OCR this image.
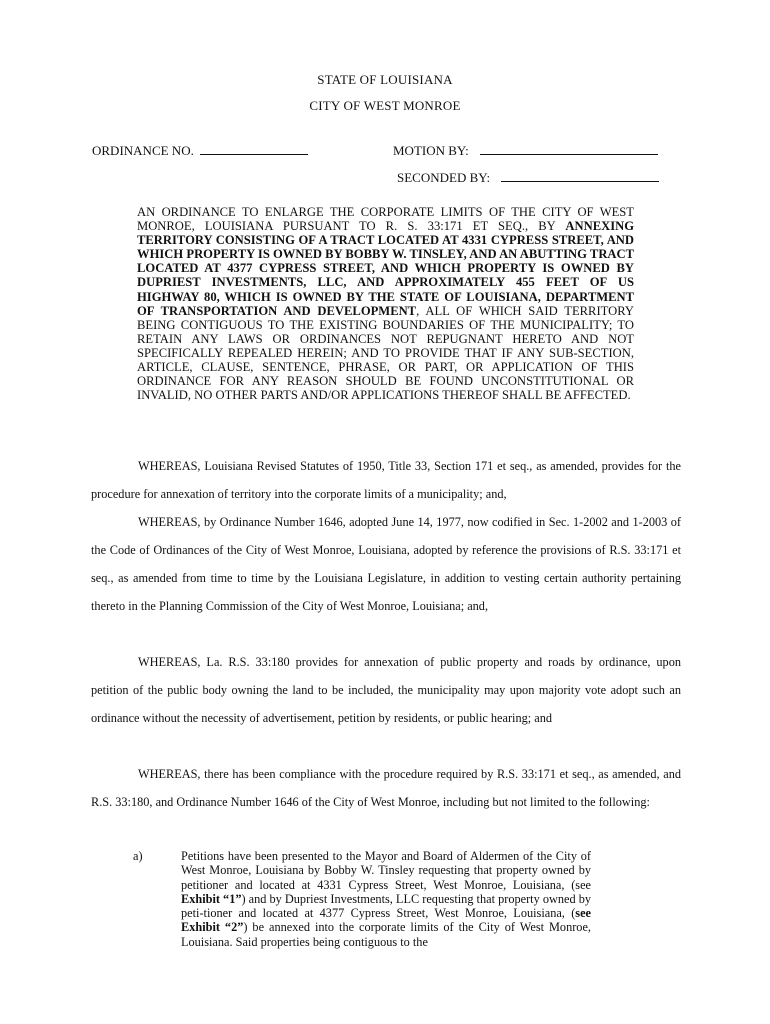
STATE OF LOUISIANA
CITY OF WEST MONROE
ORDINANCE NO.	MOTION BY:
SECONDED BY:
AN ORDINANCE TO ENLARGE THE CORPORATE LIMITS OF THE CITY OF WEST MONROE, LOUISIANA PURSUANT TO R. S. 33:171 ET SEQ., BY ANNEXING TERRITORY CONSISTING OF A TRACT LOCATED AT 4331 CYPRESS STREET, AND WHICH PROPERTY IS OWNED BY BOBBY W. TINSLEY, AND AN ABUTTING TRACT LOCATED AT 4377 CYPRESS STREET, AND WHICH PROPERTY IS OWNED BY DUPRIEST INVESTMENTS, LLC, AND APPROXIMATELY 455 FEET OF US HIGHWAY 80, WHICH IS OWNED BY THE STATE OF LOUISIANA, DEPARTMENT OF TRANSPORTATION AND DEVELOPMENT, ALL OF WHICH SAID TERRITORY BEING CONTIGUOUS TO THE EXISTING BOUNDARIES OF THE MUNICIPALITY; TO RETAIN ANY LAWS OR ORDINANCES NOT REPUGNANT HERETO AND NOT SPECIFICALLY REPEALED HEREIN; AND TO PROVIDE THAT IF ANY SUB-SECTION, ARTICLE, CLAUSE, SENTENCE, PHRASE, OR PART, OR APPLICATION OF THIS ORDINANCE FOR ANY REASON SHOULD BE FOUND UNCONSTITUTIONAL OR INVALID, NO OTHER PARTS AND/OR APPLICATIONS THEREOF SHALL BE AFFECTED.
WHEREAS, Louisiana Revised Statutes of 1950, Title 33, Section 171 et seq., as amended, provides for the procedure for annexation of territory into the corporate limits of a municipality; and,
WHEREAS, by Ordinance Number 1646, adopted June 14, 1977, now codified in Sec. 1-2002 and 1-2003 of the Code of Ordinances of the City of West Monroe, Louisiana, adopted by reference the provisions of R.S. 33:171 et seq., as amended from time to time by the Louisiana Legislature, in addition to vesting certain authority pertaining thereto in the Planning Commission of the City of West Monroe, Louisiana; and,
WHEREAS, La. R.S. 33:180 provides for annexation of public property and roads by ordinance, upon petition of the public body owning the land to be included, the municipality may upon majority vote adopt such an ordinance without the necessity of advertisement, petition by residents, or public hearing; and
WHEREAS, there has been compliance with the procedure required by R.S. 33:171 et seq., as amended, and R.S. 33:180, and Ordinance Number 1646 of the City of West Monroe, including but not limited to the following:
a)	Petitions have been presented to the Mayor and Board of Aldermen of the City of West Monroe, Louisiana by Bobby W. Tinsley requesting that property owned by petitioner and located at 4331 Cypress Street, West Monroe, Louisiana, (see Exhibit “1”) and by Dupriest Investments, LLC requesting that property owned by peti-tioner and located at 4377 Cypress Street, West Monroe, Louisiana, (see Exhibit “2”) be annexed into the corporate limits of the City of West Monroe, Louisiana. Said properties being contiguous to the
